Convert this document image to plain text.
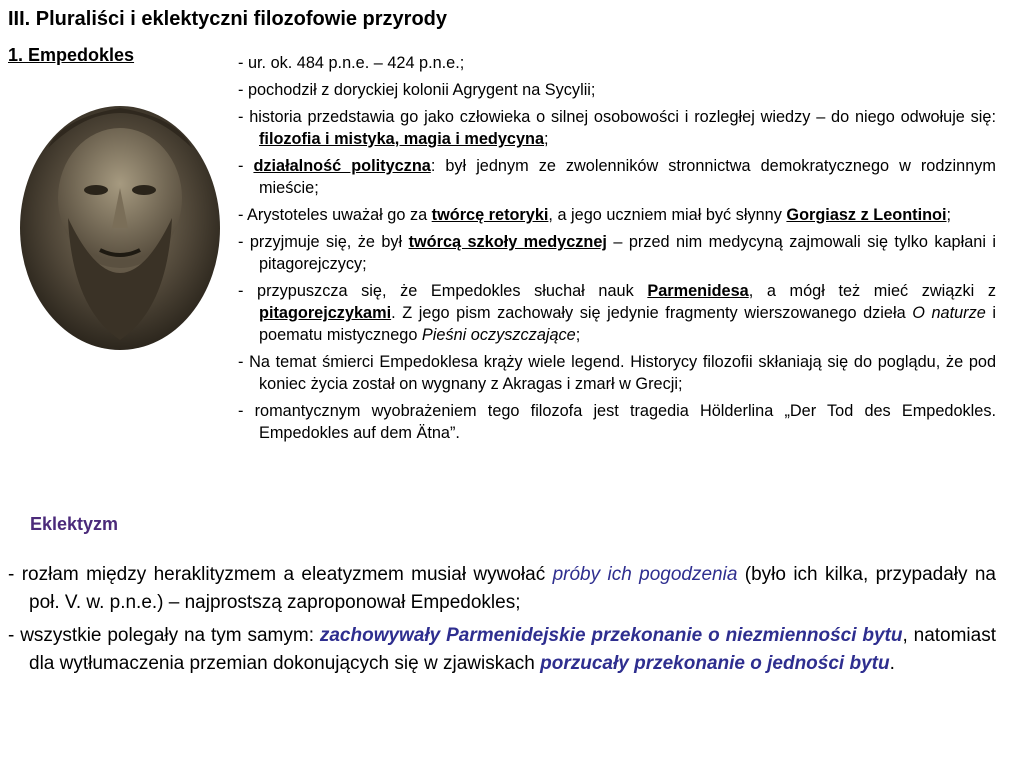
III. Pluraliści i eklektyczni filozofowie przyrody
1. Empedokles	- ur. ok. 484 p.n.e. – 424 p.n.e.;
- pochodził z doryckiej kolonii Agrygent na Sycylii;
- historia przedstawia go jako człowieka o silnej osobowości i rozległej wiedzy – do niego odwołuje się: filozofia i mistyka, magia i medycyna;
- działalność polityczna: był jednym ze zwolenników stronnictwa demokratycznego w rodzinnym mieście;
- Arystoteles uważał go za twórcę retoryki, a jego uczniem miał być słynny Gorgiasz z Leontinoi;
- przyjmuje się, że był twórcą szkoły medycznej – przed nim medycyną zajmowali się tylko kapłani i pitagorejczycy;
- przypuszcza się, że Empedokles słuchał nauk Parmenidesa, a mógł też mieć związki z pitagorejczykami. Z jego pism zachowały się jedynie fragmenty wierszowanego dzieła O naturze i poematu mistycznego Pieśni oczyszczające;
- Na temat śmierci Empedoklesa krąży wiele legend. Historycy filozofii skłaniają się do poglądu, że pod koniec życia został on wygnany z Akragas i zmarł w Grecji;
- romantycznym wyobrażeniem tego filozofa jest tragedia Hölderlina „Der Tod des Empedokles. Empedokles auf dem Ätna”.
Eklektyzm
- rozłam między heraklityzmem a eleatyzmem musiał wywołać próby ich pogodzenia (było ich kilka, przypadały na poł. V. w. p.n.e.) – najprostszą zaproponował Empedokles;
- wszystkie polegały na tym samym: zachowywały Parmenidejskie przekonanie o niezmienności bytu, natomiast dla wytłumaczenia przemian dokonujących się w zjawiskach porzucały przekonanie o jedności bytu.
